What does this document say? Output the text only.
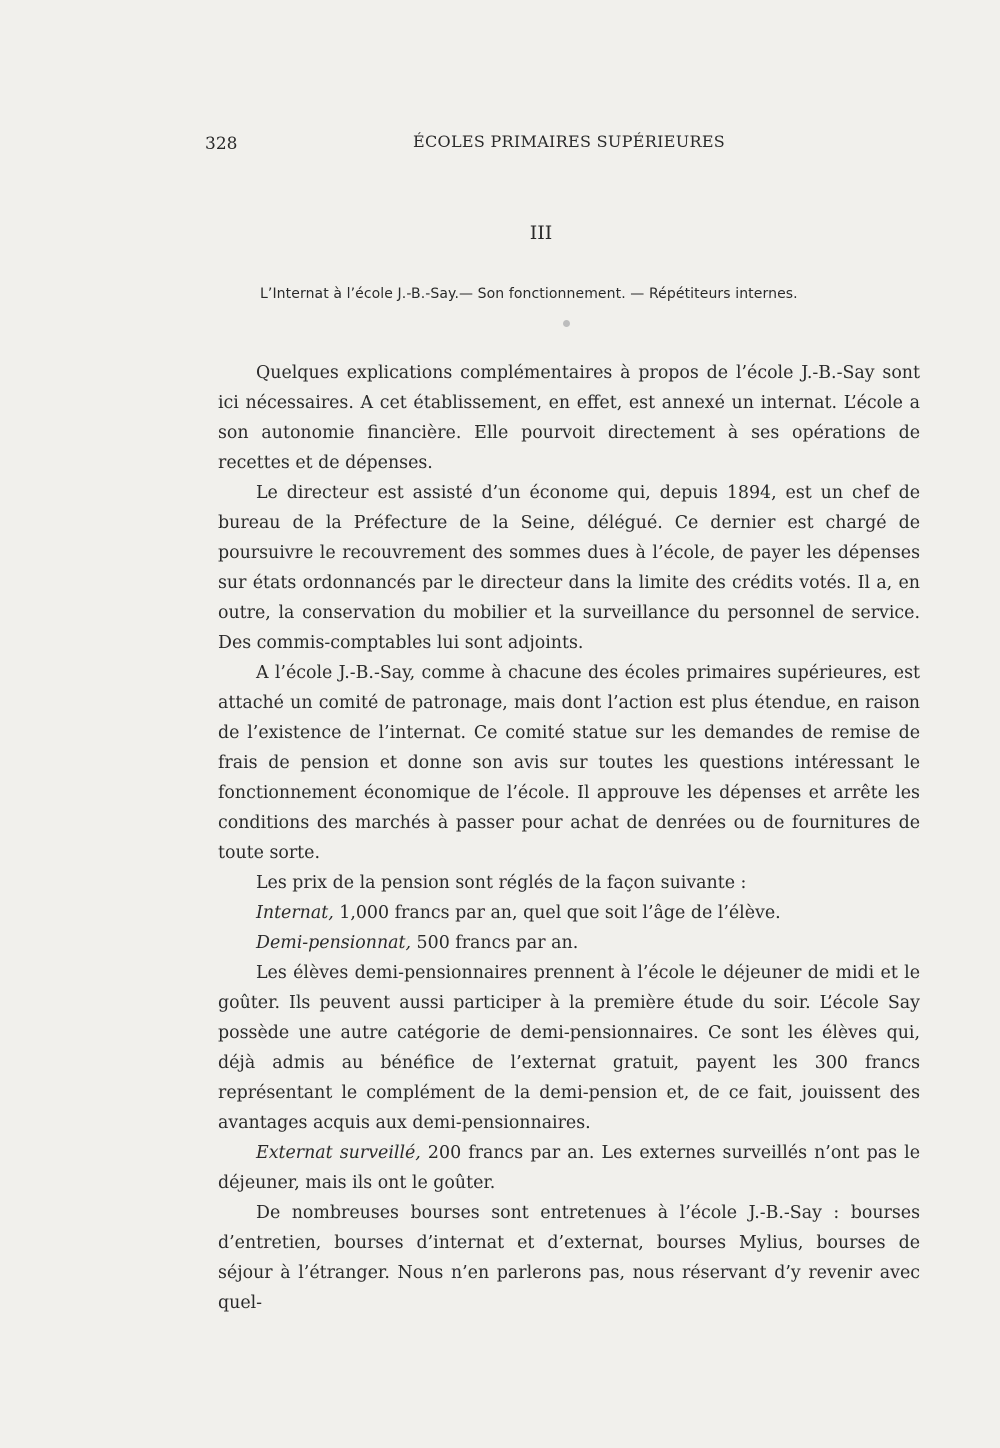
328	ÉCOLES PRIMAIRES SUPÉRIEURES
III
L’Internat à l’école J.-B.-Say.— Son fonctionnement. — Répétiteurs internes.

Quelques explications complémentaires à propos de l’école J.-B.-Say sont ici nécessaires. A cet établissement, en effet, est annexé un internat. L’école a son autonomie financière. Elle pourvoit directement à ses opérations de recettes et de dépenses.

Le directeur est assisté d’un économe qui, depuis 1894, est un chef de bureau de la Préfecture de la Seine, délégué. Ce dernier est chargé de poursuivre le recouvrement des sommes dues à l’école, de payer les dépenses sur états ordonnancés par le directeur dans la limite des crédits votés. Il a, en outre, la conservation du mobilier et la surveillance du personnel de service. Des commis-comptables lui sont adjoints.

A l’école J.-B.-Say, comme à chacune des écoles primaires supérieures, est attaché un comité de patronage, mais dont l’action est plus étendue, en raison de l’existence de l’internat. Ce comité statue sur les demandes de remise de frais de pension et donne son avis sur toutes les questions intéressant le fonctionnement économique de l’école. Il approuve les dépenses et arrête les conditions des marchés à passer pour achat de denrées ou de fournitures de toute sorte.

Les prix de la pension sont réglés de la façon suivante :

Internat, 1,000 francs par an, quel que soit l’âge de l’élève.

Demi-pensionnat, 500 francs par an.

Les élèves demi-pensionnaires prennent à l’école le déjeuner de midi et le goûter. Ils peuvent aussi participer à la première étude du soir. L’école Say possède une autre catégorie de demi-pensionnaires. Ce sont les élèves qui, déjà admis au bénéfice de l’externat gratuit, payent les 300 francs représentant le complément de la demi-pension et, de ce fait, jouissent des avantages acquis aux demi-pensionnaires.

Externat surveillé, 200 francs par an. Les externes surveillés n’ont pas le déjeuner, mais ils ont le goûter.

De nombreuses bourses sont entretenues à l’école J.-B.-Say : bourses d’entretien, bourses d’internat et d’externat, bourses Mylius, bourses de séjour à l’étranger. Nous n’en parlerons pas, nous réservant d’y revenir avec quel-
